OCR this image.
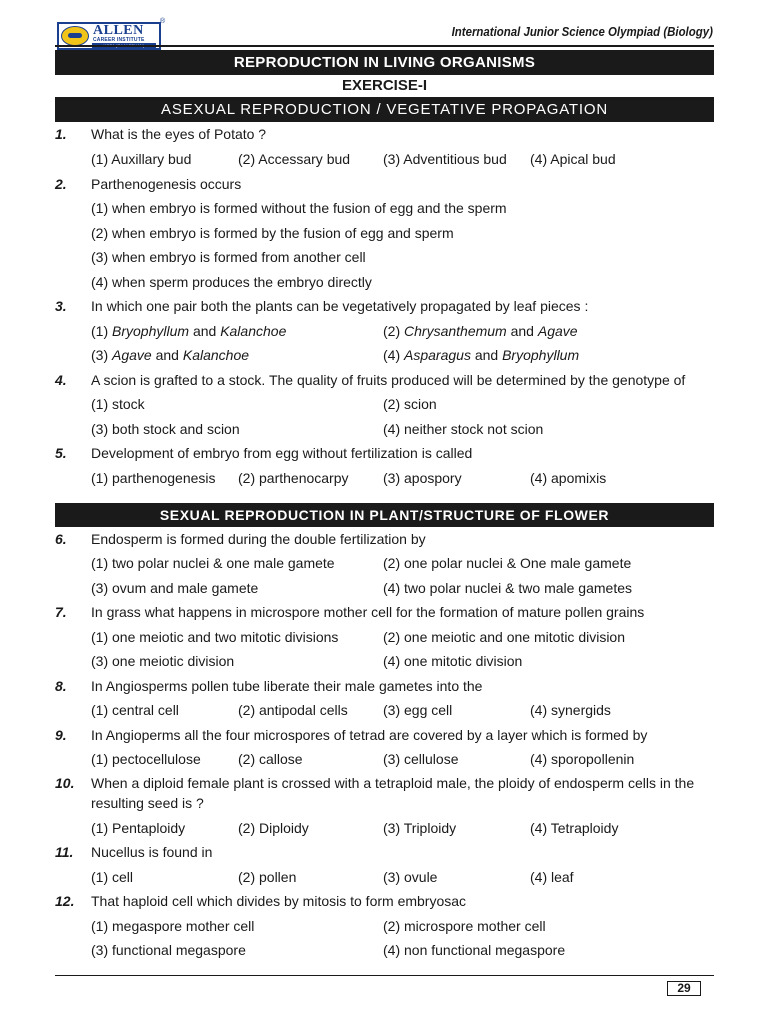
ALLEN
CAREER INSTITUTE
®
International Junior Science Olympiad (Biology)
REPRODUCTION IN LIVING ORGANISMS
EXERCISE-I
ASEXUAL REPRODUCTION / VEGETATIVE PROPAGATION
1. What is the eyes of Potato ?
(1) Auxillary bud	(2) Accessary bud (3) Adventitious bud (4) Apical bud
2. Parthenogenesis occurs
(1) when embryo is formed without the fusion of egg and the sperm
(2) when embryo is formed by the fusion of egg and sperm
(3) when embryo is formed from another cell
(4) when sperm produces the embryo directly
3. In which one pair both the plants can be vegetatively propagated by leaf pieces :
(1) Bryophyllum and Kalanchoe	(2) Chrysanthemum and Agave
(3) Agave and Kalanchoe	(4) Asparagus and Bryophyllum
4. A scion is grafted to a stock. The quality of fruits produced will be determined by the genotype of
(1) stock	(2) scion
(3) both stock and scion	(4) neither stock not scion
5. Development of embryo from egg without fertilization is called
(1) parthenogenesis (2) parthenocarpy (3) apospory	(4) apomixis
SEXUAL REPRODUCTION IN PLANT/STRUCTURE OF FLOWER
6. Endosperm is formed during the double fertilization by
(1) two polar nuclei & one male gamete	(2) one polar nuclei & One male gamete
(3) ovum and male gamete	(4) two polar nuclei & two male gametes
7. In grass what happens in microspore mother cell for the formation of mature pollen grains
(1) one meiotic and two mitotic divisions	(2) one meiotic and one mitotic division
(3) one meiotic division	(4) one mitotic division
8. In Angiosperms pollen tube liberate their male gametes into the
(1) central cell	(2) antipodal cells	(3) egg cell	(4) synergids
9. In Angioperms all the four microspores of tetrad are covered by a layer which is formed by
(1) pectocellulose	(2) callose	(3) cellulose	(4) sporopollenin
10. When a diploid female plant is crossed with a tetraploid male, the ploidy of endosperm cells in the resulting seed is ?
(1) Pentaploidy	(2) Diploidy	(3) Triploidy	(4) Tetraploidy
11. Nucellus is found in
(1) cell	(2) pollen	(3) ovule	(4) leaf
12. That haploid cell which divides by mitosis to form embryosac
(1) megaspore mother cell	(2) microspore mother cell
(3) functional megaspore	(4) non functional megaspore
29
